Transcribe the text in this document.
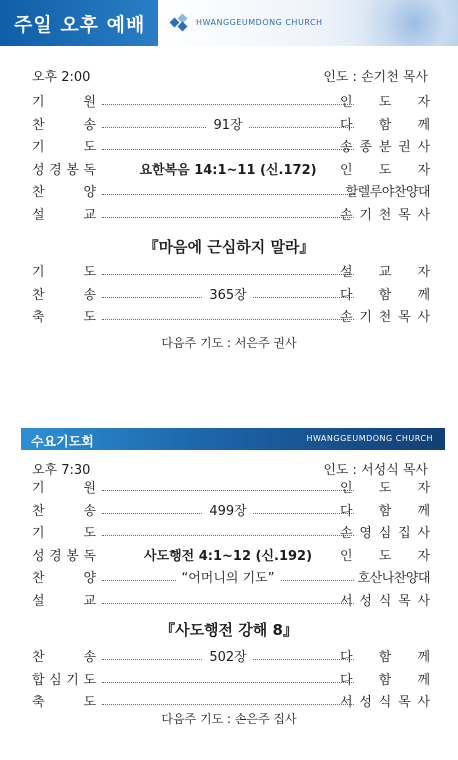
주일 오후 예배	HWANGGEUMDONG CHURCH
오후 2:00	인도 : 손기천 목사
기	원	인 도 자
찬	송	91장	다 함 께
기	도	송 종 분 권 사
성 경 봉 독	요한복음 14:1~11 (신.172)	인 도 자
찬	양	할렐루야찬양대
설	교	손 기 천 목 사
『마음에 근심하지 말라』
기	도	설 교 자
찬	송	365장	다 함 께
축	도	손 기 천 목 사
다음주 기도 : 서은주 권사
수요기도회	HWANGGEUMDONG CHURCH
오후 7:30	인도 : 서성식 목사
기	원	인 도 자
찬	송	499장	다 함 께
기	도	손 영 심 집 사
성 경 봉 독	사도행전 4:1~12 (신.192)	인 도 자
찬	양	“어머니의 기도”	호산나찬양대
설	교	서 성 식 목 사
『사도행전 강해 8』
찬	송	502장	다 함 께
합 심 기 도	다 함 께
축	도	서 성 식 목 사
다음주 기도 : 손은주 집사
